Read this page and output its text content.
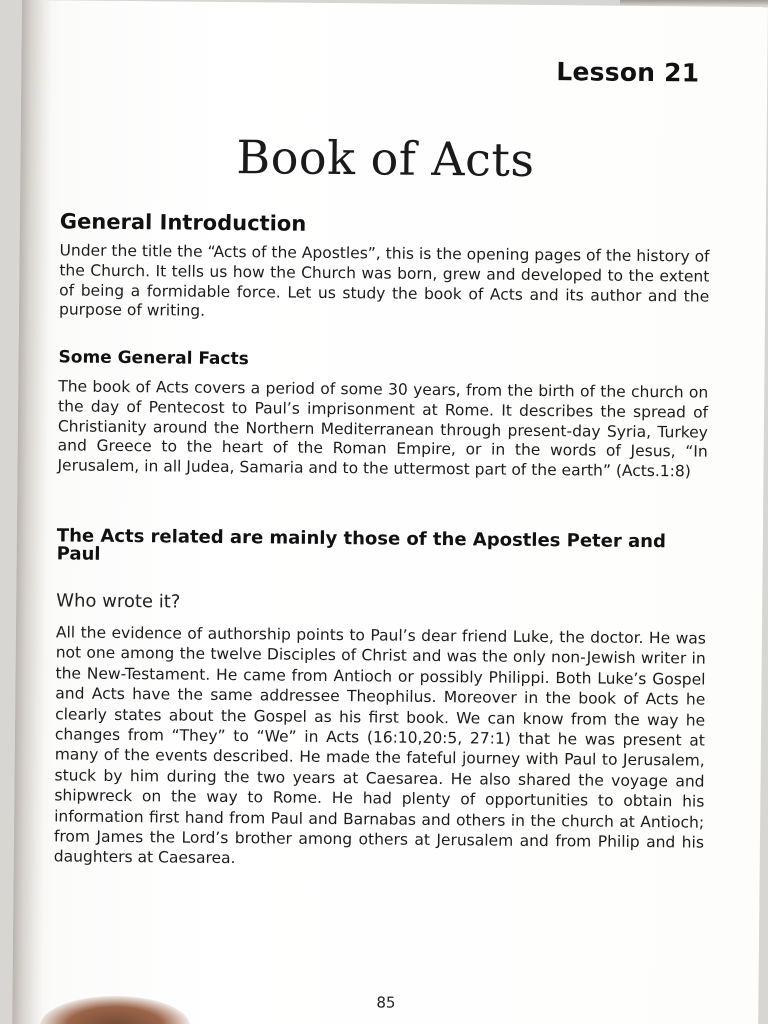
Lesson 21
Book of Acts
General Introduction
Under the title the “Acts of the Apostles”, this is the opening pages of the history of the Church. It tells us how the Church was born, grew and developed to the extent of being a formidable force. Let us study the book of Acts and its author and the purpose of writing.
Some General Facts
The book of Acts covers a period of some 30 years, from the birth of the church on the day of Pentecost to Paul’s imprisonment at Rome. It describes the spread of Christianity around the Northern Mediterranean through present-day Syria, Turkey and Greece to the heart of the Roman Empire, or in the words of Jesus, “In Jerusalem, in all Judea, Samaria and to the uttermost part of the earth” (Acts.1:8)
The Acts related are mainly those of the Apostles Peter and Paul
Who wrote it?
All the evidence of authorship points to Paul’s dear friend Luke, the doctor. He was not one among the twelve Disciples of Christ and was the only non-Jewish writer in the New-Testament. He came from Antioch or possibly Philippi. Both Luke’s Gospel and Acts have the same addressee Theophilus. Moreover in the book of Acts he clearly states about the Gospel as his first book. We can know from the way he changes from “They” to “We” in Acts (16:10,20:5, 27:1) that he was present at many of the events described. He made the fateful journey with Paul to Jerusalem, stuck by him during the two years at Caesarea. He also shared the voyage and shipwreck on the way to Rome. He had plenty of opportunities to obtain his information first hand from Paul and Barnabas and others in the church at Antioch; from James the Lord’s brother among others at Jerusalem and from Philip and his daughters at Caesarea.
85
